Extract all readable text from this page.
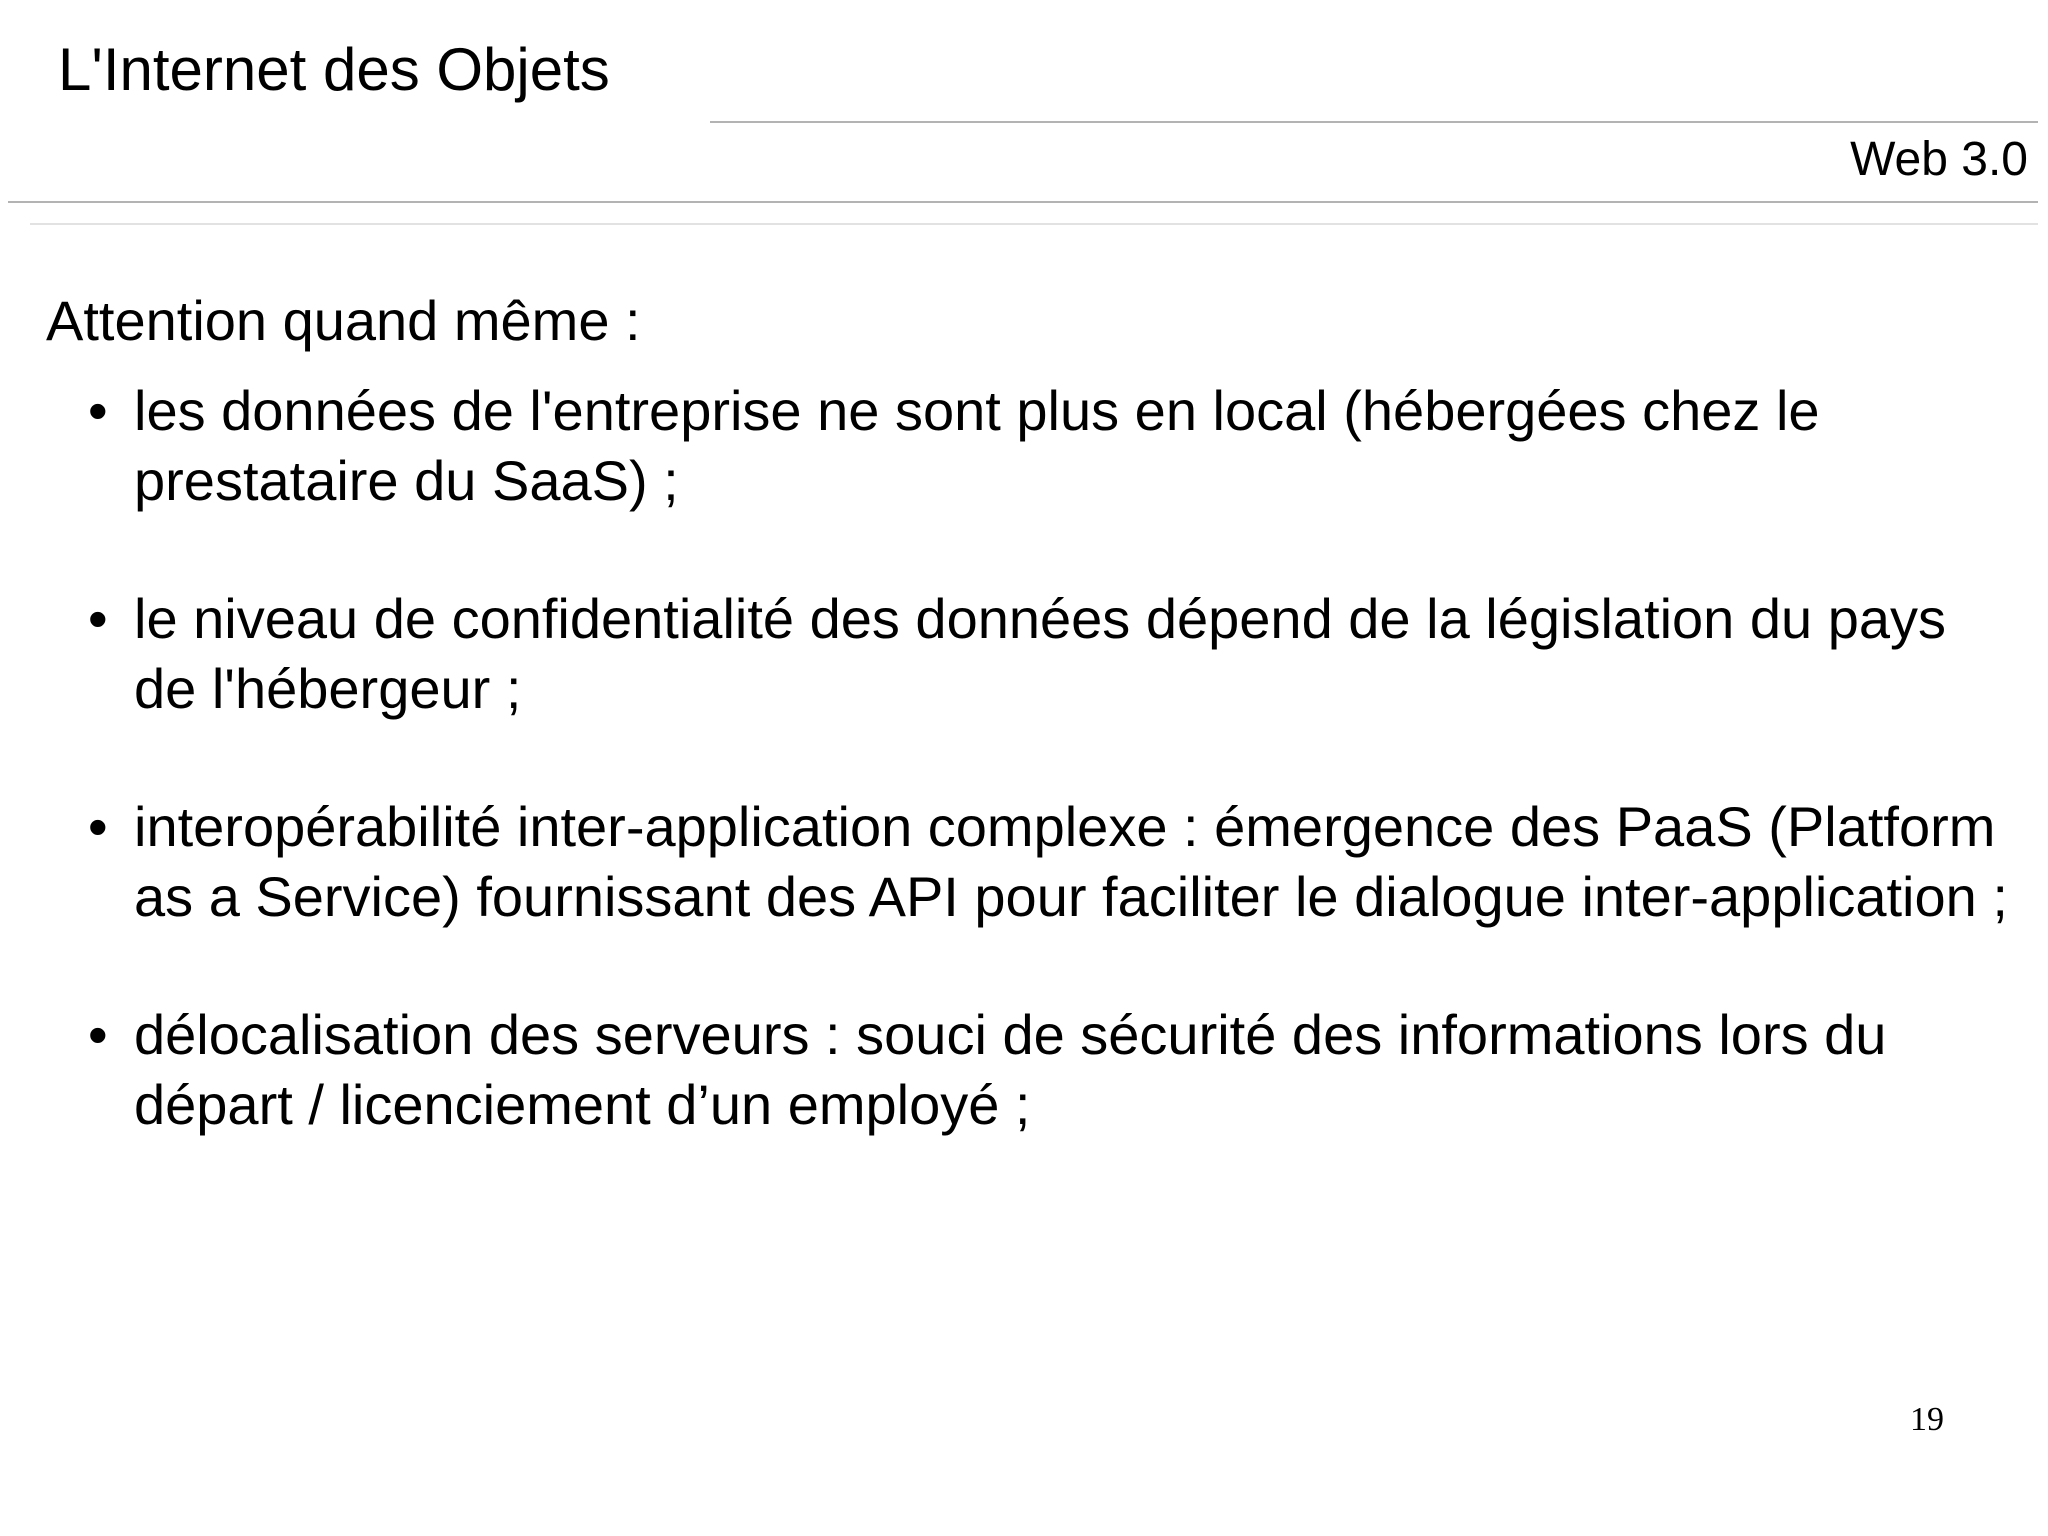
L'Internet des Objets
Web 3.0
Attention quand même :
• les données de l'entreprise ne sont plus en local (hébergées chez le prestataire du SaaS) ;
• le niveau de confidentialité des données dépend de la législation du pays de l'hébergeur ;
• interopérabilité inter-application complexe : émergence des PaaS (Platform as a Service) fournissant des API pour faciliter le dialogue inter-application ;
• délocalisation des serveurs : souci de sécurité des informations lors du départ / licenciement d’un employé ;
19
